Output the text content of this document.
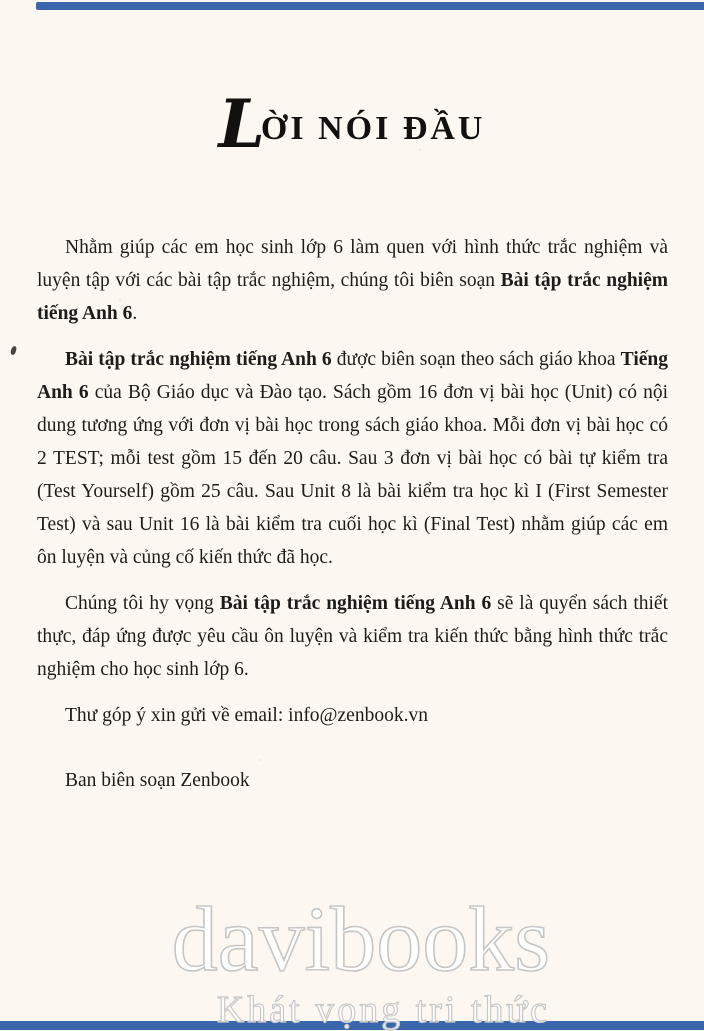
LỜI NÓI ĐẦU

Nhằm giúp các em học sinh lớp 6 làm quen với hình thức trắc nghiệm và luyện tập với các bài tập trắc nghiệm, chúng tôi biên soạn Bài tập trắc nghiệm tiếng Anh 6.

Bài tập trắc nghiệm tiếng Anh 6 được biên soạn theo sách giáo khoa Tiếng Anh 6 của Bộ Giáo dục và Đào tạo. Sách gồm 16 đơn vị bài học (Unit) có nội dung tương ứng với đơn vị bài học trong sách giáo khoa. Mỗi đơn vị bài học có 2 TEST; mỗi test gồm 15 đến 20 câu. Sau 3 đơn vị bài học có bài tự kiểm tra (Test Yourself) gồm 25 câu. Sau Unit 8 là bài kiểm tra học kì I (First Semester Test) và sau Unit 16 là bài kiểm tra cuối học kì (Final Test) nhằm giúp các em ôn luyện và củng cố kiến thức đã học.

Chúng tôi hy vọng Bài tập trắc nghiệm tiếng Anh 6 sẽ là quyển sách thiết thực, đáp ứng được yêu cầu ôn luyện và kiểm tra kiến thức bằng hình thức trắc nghiệm cho học sinh lớp 6.

Thư góp ý xin gửi về email: info@zenbook.vn

Ban biên soạn Zenbook

davibooks
Khát vọng tri thức
